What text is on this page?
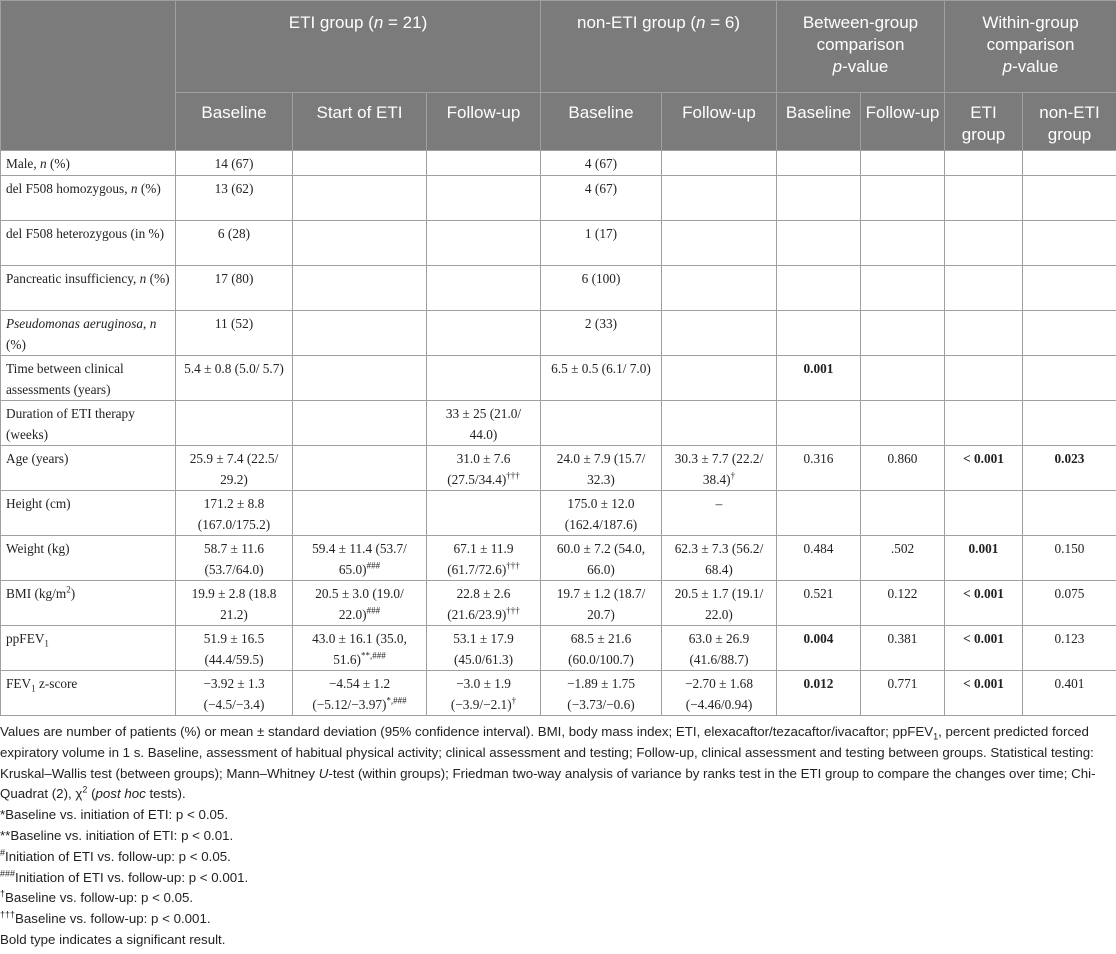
	ETI group (n = 21)			non-ETI group (n = 6)		Between-group
comparison
p-value		Within-group
comparison
p-value	
	Baseline	Start of ETI	Follow-up	Baseline	Follow-up	Baseline	Follow-up	ETI group	non-ETI group
Male, n (%)	14 (67)			4 (67)					
del F508 homozygous, n (%)	13 (62)			4 (67)					
del F508 heterozygous (in %)	6 (28)			1 (17)					
Pancreatic insufficiency, n (%)	17 (80)			6 (100)					
Pseudomonas aeruginosa, n (%)	11 (52)			2 (33)					
Time between clinical assessments (years)	5.4 ± 0.8 (5.0/ 5.7)			6.5 ± 0.5 (6.1/ 7.0)		0.001			
Duration of ETI therapy (weeks)			33 ± 25 (21.0/ 44.0)						
Age (years)	25.9 ± 7.4 (22.5/ 29.2)		31.0 ± 7.6 (27.5/34.4)†††	24.0 ± 7.9 (15.7/ 32.3)	30.3 ± 7.7 (22.2/ 38.4)†	0.316	0.860	< 0.001	0.023
Height (cm)	171.2 ± 8.8 (167.0/175.2)			175.0 ± 12.0 (162.4/187.6)	–				
Weight (kg)	58.7 ± 11.6 (53.7/64.0)	59.4 ± 11.4 (53.7/ 65.0)###	67.1 ± 11.9 (61.7/72.6)†††	60.0 ± 7.2 (54.0, 66.0)	62.3 ± 7.3 (56.2/ 68.4)	0.484	.502	0.001	0.150
BMI $(kg/m^2)$	19.9 ± 2.8 (18.8 21.2)	20.5 ± 3.0 (19.0/ 22.0)###	22.8 ± 2.6 (21.6/23.9)†††	19.7 ± 1.2 (18.7/ 20.7)	20.5 ± 1.7 (19.1/ 22.0)	0.521	0.122	< 0.001	0.075
ppFEV$_1$	51.9 ± 16.5 (44.4/59.5)	43.0 ± 16.1 (35.0, 51.6)**,###	53.1 ± 17.9 (45.0/61.3)	68.5 ± 21.6 (60.0/100.7)	63.0 ± 26.9 (41.6/88.7)	0.004	0.381	< 0.001	0.123
$FEV_1$ z-score	−3.92 ± 1.3 (−4.5/−3.4)	−4.54 ± 1.2 (−5.12/−3.97)*,###	−3.0 ± 1.9 (−3.9/−2.1)†	−1.89 ± 1.75 (−3.73/−0.6)	−2.70 ± 1.68 (−4.46/0.94)	0.012	0.771	< 0.001	0.401

Values are number of patients (%) or mean ± standard deviation (95% confidence interval). BMI, body mass index; ETI, elexacaftor/tezacaftor/ivacaftor; ppFEV$_1$, percent predicted forced expiratory volume in 1 s. Baseline, assessment of habitual physical activity; clinical assessment and testing; Follow-up, clinical assessment and testing between groups. Statistical testing: Kruskal–Wallis test (between groups); Mann–Whitney U-test (within groups); Friedman two-way analysis of variance by ranks test in the ETI group to compare the changes over time; Chi-Quadrat (2), $\chi^2$ (post hoc tests).

*Baseline vs. initiation of ETI: p < 0.05.

**Baseline vs. initiation of ETI: p < 0.01.

#Initiation of ETI vs. follow-up: p < 0.05.

###Initiation of ETI vs. follow-up: p < 0.001.

†Baseline vs. follow-up: p < 0.05.

†††Baseline vs. follow-up: p < 0.001.

Bold type indicates a significant result.
